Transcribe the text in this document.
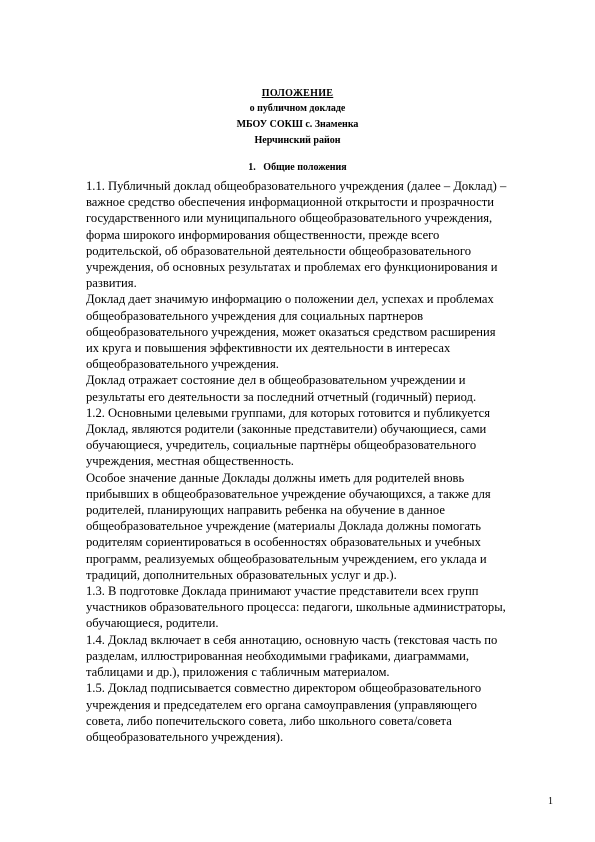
ПОЛОЖЕНИЕ
о публичном докладе
МБОУ СОКШ с. Знаменка
Нерчинский район
1. Общие положения
1.1. Публичный доклад общеобразовательного учреждения (далее – Доклад) –
важное средство обеспечения информационной открытости и прозрачности
государственного или муниципального общеобразовательного учреждения,
форма широкого информирования общественности, прежде всего
родительской, об образовательной деятельности общеобразовательного
учреждения, об основных результатах и проблемах его функционирования и
развития.
Доклад дает значимую информацию о положении дел, успехах и проблемах
общеобразовательного учреждения для социальных партнеров
общеобразовательного учреждения, может оказаться средством расширения
их круга и повышения эффективности их деятельности в интересах
общеобразовательного учреждения.
Доклад отражает состояние дел в общеобразовательном учреждении и
результаты его деятельности за последний отчетный (годичный) период.
1.2. Основными целевыми группами, для которых готовится и публикуется
Доклад, являются родители (законные представители) обучающиеся, сами
обучающиеся, учредитель, социальные партнёры общеобразовательного
учреждения, местная общественность.
Особое значение данные Доклады должны иметь для родителей вновь
прибывших в общеобразовательное учреждение обучающихся, а также для
родителей, планирующих направить ребенка на обучение в данное
общеобразовательное учреждение (материалы Доклада должны помогать
родителям сориентироваться в особенностях образовательных и учебных
программ, реализуемых общеобразовательным учреждением, его уклада и
традиций, дополнительных образовательных услуг и др.).
1.3. В подготовке Доклада принимают участие представители всех групп
участников образовательного процесса: педагоги, школьные администраторы,
обучающиеся, родители.
1.4. Доклад включает в себя аннотацию, основную часть (текстовая часть по
разделам, иллюстрированная необходимыми графиками, диаграммами,
таблицами и др.), приложения с табличным материалом.
1.5. Доклад подписывается совместно директором общеобразовательного
учреждения и председателем его органа самоуправления (управляющего
совета, либо попечительского совета, либо школьного совета/совета
общеобразовательного учреждения).
1
